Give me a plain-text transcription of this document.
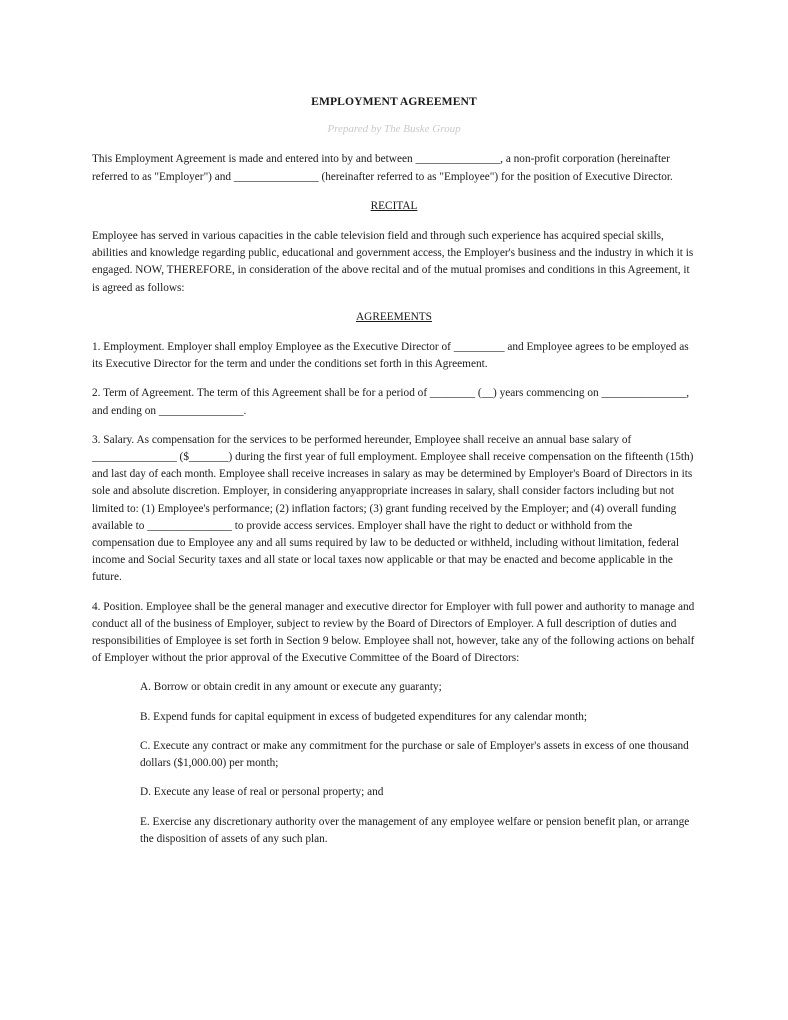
EMPLOYMENT AGREEMENT
Prepared by The Buske Group

This Employment Agreement is made and entered into by and between _______________, a non-profit corporation (hereinafter referred to as "Employer") and _______________ (hereinafter referred to as "Employee") for the position of Executive Director.

RECITAL

Employee has served in various capacities in the cable television field and through such experience has acquired special skills, abilities and knowledge regarding public, educational and government access, the Employer's business and the industry in which it is engaged. NOW, THEREFORE, in consideration of the above recital and of the mutual promises and conditions in this Agreement, it is agreed as follows:

AGREEMENTS

1. Employment. Employer shall employ Employee as the Executive Director of _________ and Employee agrees to be employed as its Executive Director for the term and under the conditions set forth in this Agreement.

2. Term of Agreement. The term of this Agreement shall be for a period of ________ (__) years commencing on _______________, and ending on _______________.

3. Salary. As compensation for the services to be performed hereunder, Employee shall receive an annual base salary of _______________ ($_______) during the first year of full employment. Employee shall receive compensation on the fifteenth (15th) and last day of each month. Employee shall receive increases in salary as may be determined by Employer's Board of Directors in its sole and absolute discretion. Employer, in considering anyappropriate increases in salary, shall consider factors including but not limited to: (1) Employee's performance; (2) inflation factors; (3) grant funding received by the Employer; and (4) overall funding available to _______________ to provide access services. Employer shall have the right to deduct or withhold from the compensation due to Employee any and all sums required by law to be deducted or withheld, including without limitation, federal income and Social Security taxes and all state or local taxes now applicable or that may be enacted and become applicable in the future.

4. Position. Employee shall be the general manager and executive director for Employer with full power and authority to manage and conduct all of the business of Employer, subject to review by the Board of Directors of Employer. A full description of duties and responsibilities of Employee is set forth in Section 9 below. Employee shall not, however, take any of the following actions on behalf of Employer without the prior approval of the Executive Committee of the Board of Directors:

A. Borrow or obtain credit in any amount or execute any guaranty;

B. Expend funds for capital equipment in excess of budgeted expenditures for any calendar month;

C. Execute any contract or make any commitment for the purchase or sale of Employer's assets in excess of one thousand dollars ($1,000.00) per month;

D. Execute any lease of real or personal property; and

E. Exercise any discretionary authority over the management of any employee welfare or pension benefit plan, or arrange the disposition of assets of any such plan.
